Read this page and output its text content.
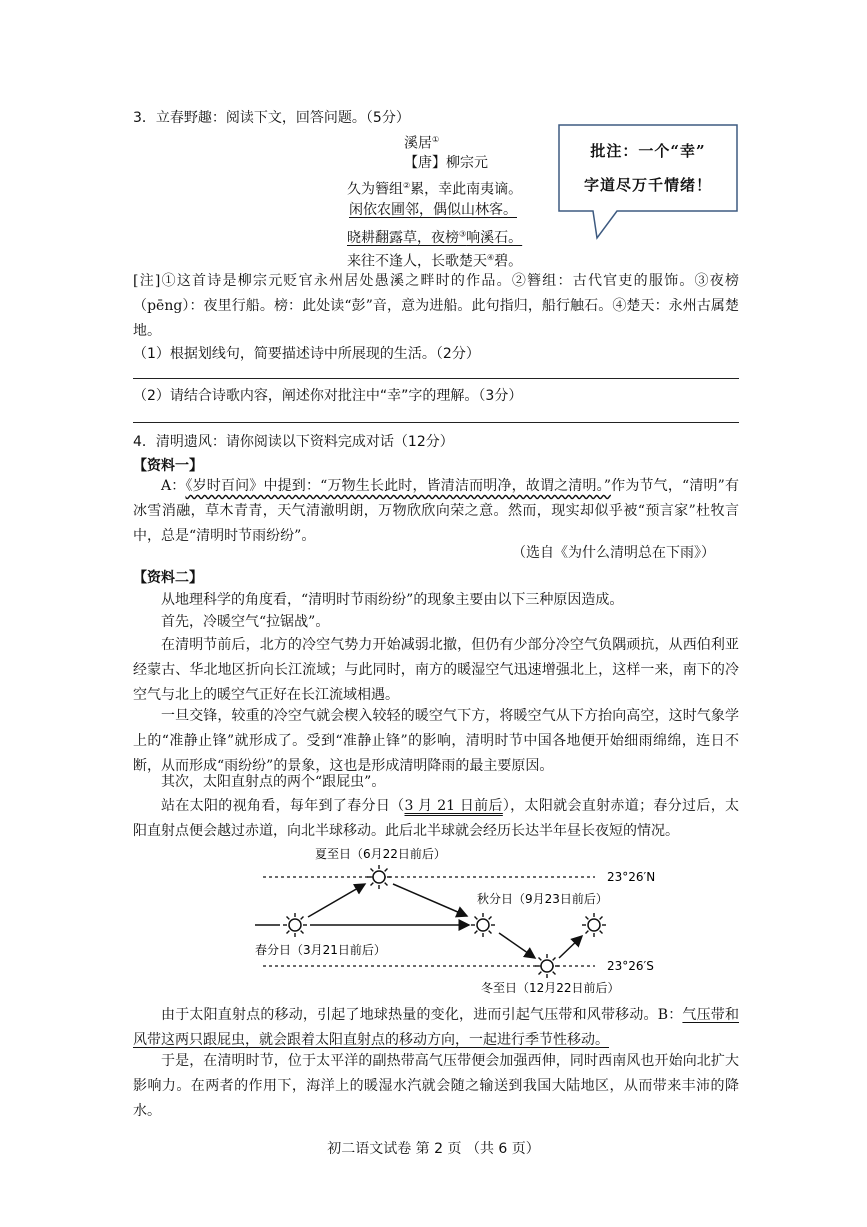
3．立春野趣：阅读下文，回答问题。（5分）
溪居①
【唐】柳宗元
久为簪组②累，幸此南夷谪。
闲依农圃邻，偶似山林客。
晓耕翻露草，夜榜③响溪石。
来往不逢人，长歌楚天④碧。
批注：一个“幸”
字道尽万千情绪！
[注]①这首诗是柳宗元贬官永州居处愚溪之畔时的作品。②簪组：古代官吏的服饰。③夜榜（pēng）：夜里行船。榜：此处读“彭”音，意为进船。此句指归，船行触石。④楚天：永州古属楚地。
（1）根据划线句，简要描述诗中所展现的生活。（2分）
（2）请结合诗歌内容，阐述你对批注中“幸”字的理解。（3分）
4．清明遗风：请你阅读以下资料完成对话（12分）
【资料一】
A：《岁时百问》中提到：“万物生长此时，皆清洁而明净，故谓之清明。”作为节气，“清明”有冰雪消融，草木青青，天气清澈明朗，万物欣欣向荣之意。然而，现实却似乎被“预言家”杜牧言中，总是“清明时节雨纷纷”。
（选自《为什么清明总在下雨》）
【资料二】
从地理科学的角度看，“清明时节雨纷纷”的现象主要由以下三种原因造成。
首先，冷暖空气“拉锯战”。
在清明节前后，北方的冷空气势力开始减弱北撤，但仍有少部分冷空气负隅顽抗，从西伯利亚经蒙古、华北地区折向长江流域；与此同时，南方的暖湿空气迅速增强北上，这样一来，南下的冷空气与北上的暖空气正好在长江流域相遇。
一旦交锋，较重的冷空气就会楔入较轻的暖空气下方，将暖空气从下方抬向高空，这时气象学上的“准静止锋”就形成了。受到“准静止锋”的影响，清明时节中国各地便开始细雨绵绵，连日不断，从而形成“雨纷纷”的景象，这也是形成清明降雨的最主要原因。
其次，太阳直射点的两个“跟屁虫”。
站在太阳的视角看，每年到了春分日（3 月 21 日前后），太阳就会直射赤道；春分过后，太阳直射点便会越过赤道，向北半球移动。此后北半球就会经历长达半年昼长夜短的情况。
夏至日（6月22日前后）
秋分日（9月23日前后）
春分日（3月21日前后）
冬至日（12月22日前后）
23°26′N
23°26′S
由于太阳直射点的移动，引起了地球热量的变化，进而引起气压带和风带移动。B：气压带和风带这两只跟屁虫，就会跟着太阳直射点的移动方向，一起进行季节性移动。
于是，在清明时节，位于太平洋的副热带高气压带便会加强西伸，同时西南风也开始向北扩大影响力。在两者的作用下，海洋上的暖湿水汽就会随之输送到我国大陆地区，从而带来丰沛的降水。
初二语文试卷 第 2 页 （共 6 页）
